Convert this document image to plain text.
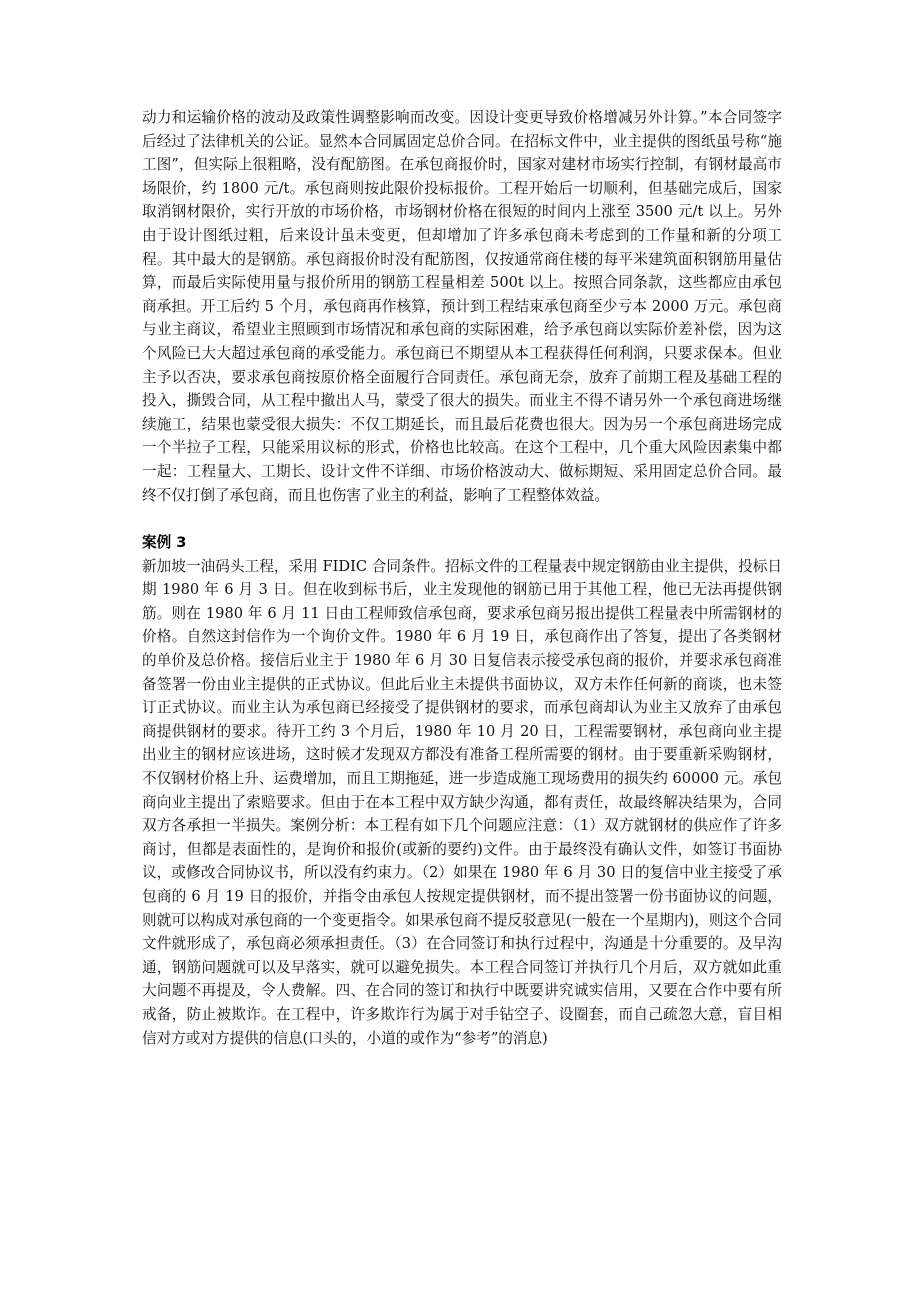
动力和运输价格的波动及政策性调整影响而改变。因设计变更导致价格增减另外计算。”本合同签字后经过了法律机关的公证。显然本合同属固定总价合同。在招标文件中，业主提供的图纸虽号称“施工图”，但实际上很粗略，没有配筋图。在承包商报价时，国家对建材市场实行控制，有钢材最高市场限价，约 1800 元/t。承包商则按此限价投标报价。工程开始后一切顺利，但基础完成后，国家取消钢材限价，实行开放的市场价格，市场钢材价格在很短的时间内上涨至 3500 元/t 以上。另外由于设计图纸过粗，后来设计虽未变更，但却增加了许多承包商未考虑到的工作量和新的分项工程。其中最大的是钢筋。承包商报价时没有配筋图，仅按通常商住楼的每平米建筑面积钢筋用量估算，而最后实际使用量与报价所用的钢筋工程量相差 500t 以上。按照合同条款，这些都应由承包商承担。开工后约 5 个月，承包商再作核算，预计到工程结束承包商至少亏本 2000 万元。承包商与业主商议，希望业主照顾到市场情况和承包商的实际困难，给予承包商以实际价差补偿，因为这个风险已大大超过承包商的承受能力。承包商已不期望从本工程获得任何利润，只要求保本。但业主予以否决，要求承包商按原价格全面履行合同责任。承包商无奈，放弃了前期工程及基础工程的投入，撕毁合同，从工程中撤出人马，蒙受了很大的损失。而业主不得不请另外一个承包商进场继续施工，结果也蒙受很大损失：不仅工期延长，而且最后花费也很大。因为另一个承包商进场完成一个半拉子工程，只能采用议标的形式，价格也比较高。在这个工程中，几个重大风险因素集中都一起：工程量大、工期长、设计文件不详细、市场价格波动大、做标期短、采用固定总价合同。最终不仅打倒了承包商，而且也伤害了业主的利益，影响了工程整体效益。

案例 3

新加坡一油码头工程，采用 FIDIC 合同条件。招标文件的工程量表中规定钢筋由业主提供，投标日期 1980 年 6 月 3 日。但在收到标书后，业主发现他的钢筋已用于其他工程，他已无法再提供钢筋。则在 1980 年 6 月 11 日由工程师致信承包商，要求承包商另报出提供工程量表中所需钢材的价格。自然这封信作为一个询价文件。1980 年 6 月 19 日，承包商作出了答复，提出了各类钢材的单价及总价格。接信后业主于 1980 年 6 月 30 日复信表示接受承包商的报价，并要求承包商准备签署一份由业主提供的正式协议。但此后业主未提供书面协议，双方未作任何新的商谈，也未签订正式协议。而业主认为承包商已经接受了提供钢材的要求，而承包商却认为业主又放弃了由承包商提供钢材的要求。待开工约 3 个月后，1980 年 10 月 20 日，工程需要钢材，承包商向业主提出业主的钢材应该进场，这时候才发现双方都没有准备工程所需要的钢材。由于要重新采购钢材，不仅钢材价格上升、运费增加，而且工期拖延，进一步造成施工现场费用的损失约 60000 元。承包商向业主提出了索赔要求。但由于在本工程中双方缺少沟通，都有责任，故最终解决结果为，合同双方各承担一半损失。案例分析：本工程有如下几个问题应注意：（1）双方就钢材的供应作了许多商讨，但都是表面性的，是询价和报价(或新的要约)文件。由于最终没有确认文件，如签订书面协议，或修改合同协议书，所以没有约束力。（2）如果在 1980 年 6 月 30 日的复信中业主接受了承包商的 6 月 19 日的报价，并指令由承包人按规定提供钢材，而不提出签署一份书面协议的问题，则就可以构成对承包商的一个变更指令。如果承包商不提反驳意见(一般在一个星期内)，则这个合同文件就形成了，承包商必须承担责任。（3）在合同签订和执行过程中，沟通是十分重要的。及早沟通，钢筋问题就可以及早落实，就可以避免损失。本工程合同签订并执行几个月后，双方就如此重大问题不再提及，令人费解。四、在合同的签订和执行中既要讲究诚实信用，又要在合作中要有所戒备，防止被欺诈。在工程中，许多欺诈行为属于对手钻空子、设圈套，而自己疏忽大意，盲目相信对方或对方提供的信息(口头的，小道的或作为“参考”的消息)
